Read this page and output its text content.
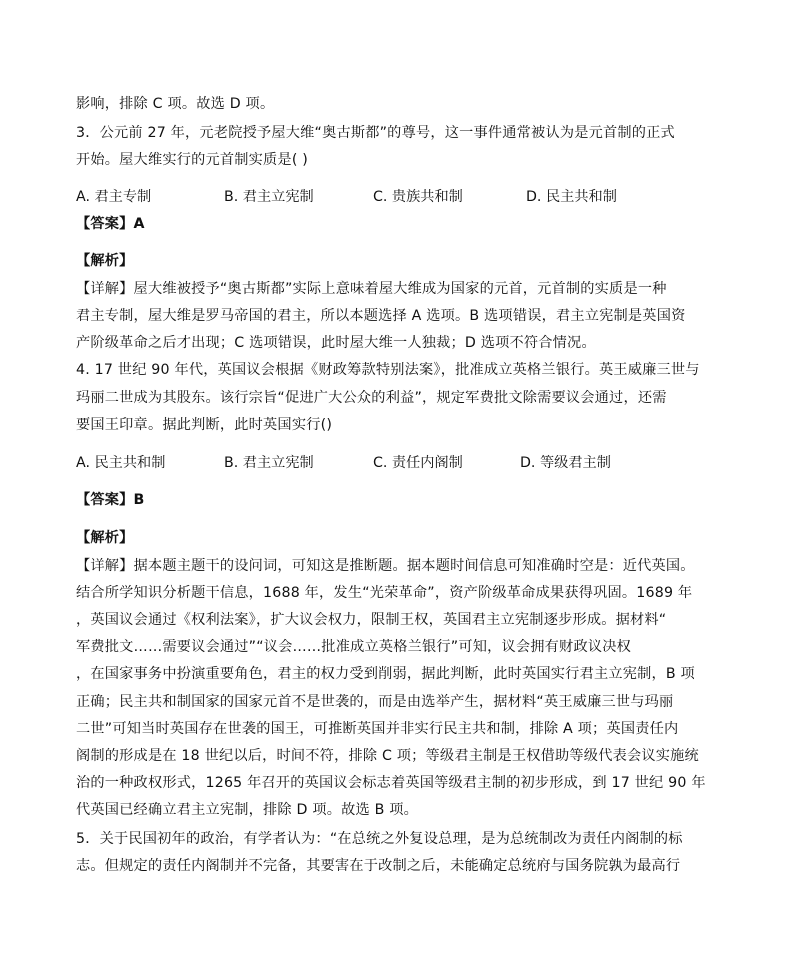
影响，排除 C 项。故选 D 项。
3．公元前 27 年，元老院授予屋大维“奥古斯都”的尊号，这一事件通常被认为是元首制的正式
开始。屋大维实行的元首制实质是( )
A. 君主专制	B. 君主立宪制	C. 贵族共和制	D. 民主共和制
【答案】A
【解析】
【详解】屋大维被授予“奥古斯都”实际上意味着屋大维成为国家的元首，元首制的实质是一种
君主专制，屋大维是罗马帝国的君主，所以本题选择 A 选项。B 选项错误，君主立宪制是英国资
产阶级革命之后才出现；C 选项错误，此时屋大维一人独裁；D 选项不符合情况。
4. 17 世纪 90 年代，英国议会根据《财政筹款特别法案》，批准成立英格兰银行。英王威廉三世与
玛丽二世成为其股东。该行宗旨“促进广大公众的利益”，规定军费批文除需要议会通过，还需
要国王印章。据此判断，此时英国实行()
A. 民主共和制	B. 君主立宪制	C. 责任内阁制	D. 等级君主制
【答案】B
【解析】
【详解】据本题主题干的设问词，可知这是推断题。据本题时间信息可知准确时空是：近代英国。
结合所学知识分析题干信息，1688 年，发生“光荣革命”，资产阶级革命成果获得巩固。1689 年
，英国议会通过《权利法案》，扩大议会权力，限制王权，英国君主立宪制逐步形成。据材料“
军费批文……需要议会通过”“议会……批准成立英格兰银行”可知，议会拥有财政议决权
，在国家事务中扮演重要角色，君主的权力受到削弱，据此判断，此时英国实行君主立宪制，B 项
正确；民主共和制国家的国家元首不是世袭的，而是由选举产生，据材料“英王威廉三世与玛丽
二世”可知当时英国存在世袭的国王，可推断英国并非实行民主共和制，排除 A 项；英国责任内
阁制的形成是在 18 世纪以后，时间不符，排除 C 项；等级君主制是王权借助等级代表会议实施统
治的一种政权形式，1265 年召开的英国议会标志着英国等级君主制的初步形成，到 17 世纪 90 年
代英国已经确立君主立宪制，排除 D 项。故选 B 项。
5．关于民国初年的政治，有学者认为：“在总统之外复设总理，是为总统制改为责任内阁制的标
志。但规定的责任内阁制并不完备，其要害在于改制之后，未能确定总统府与国务院孰为最高行
